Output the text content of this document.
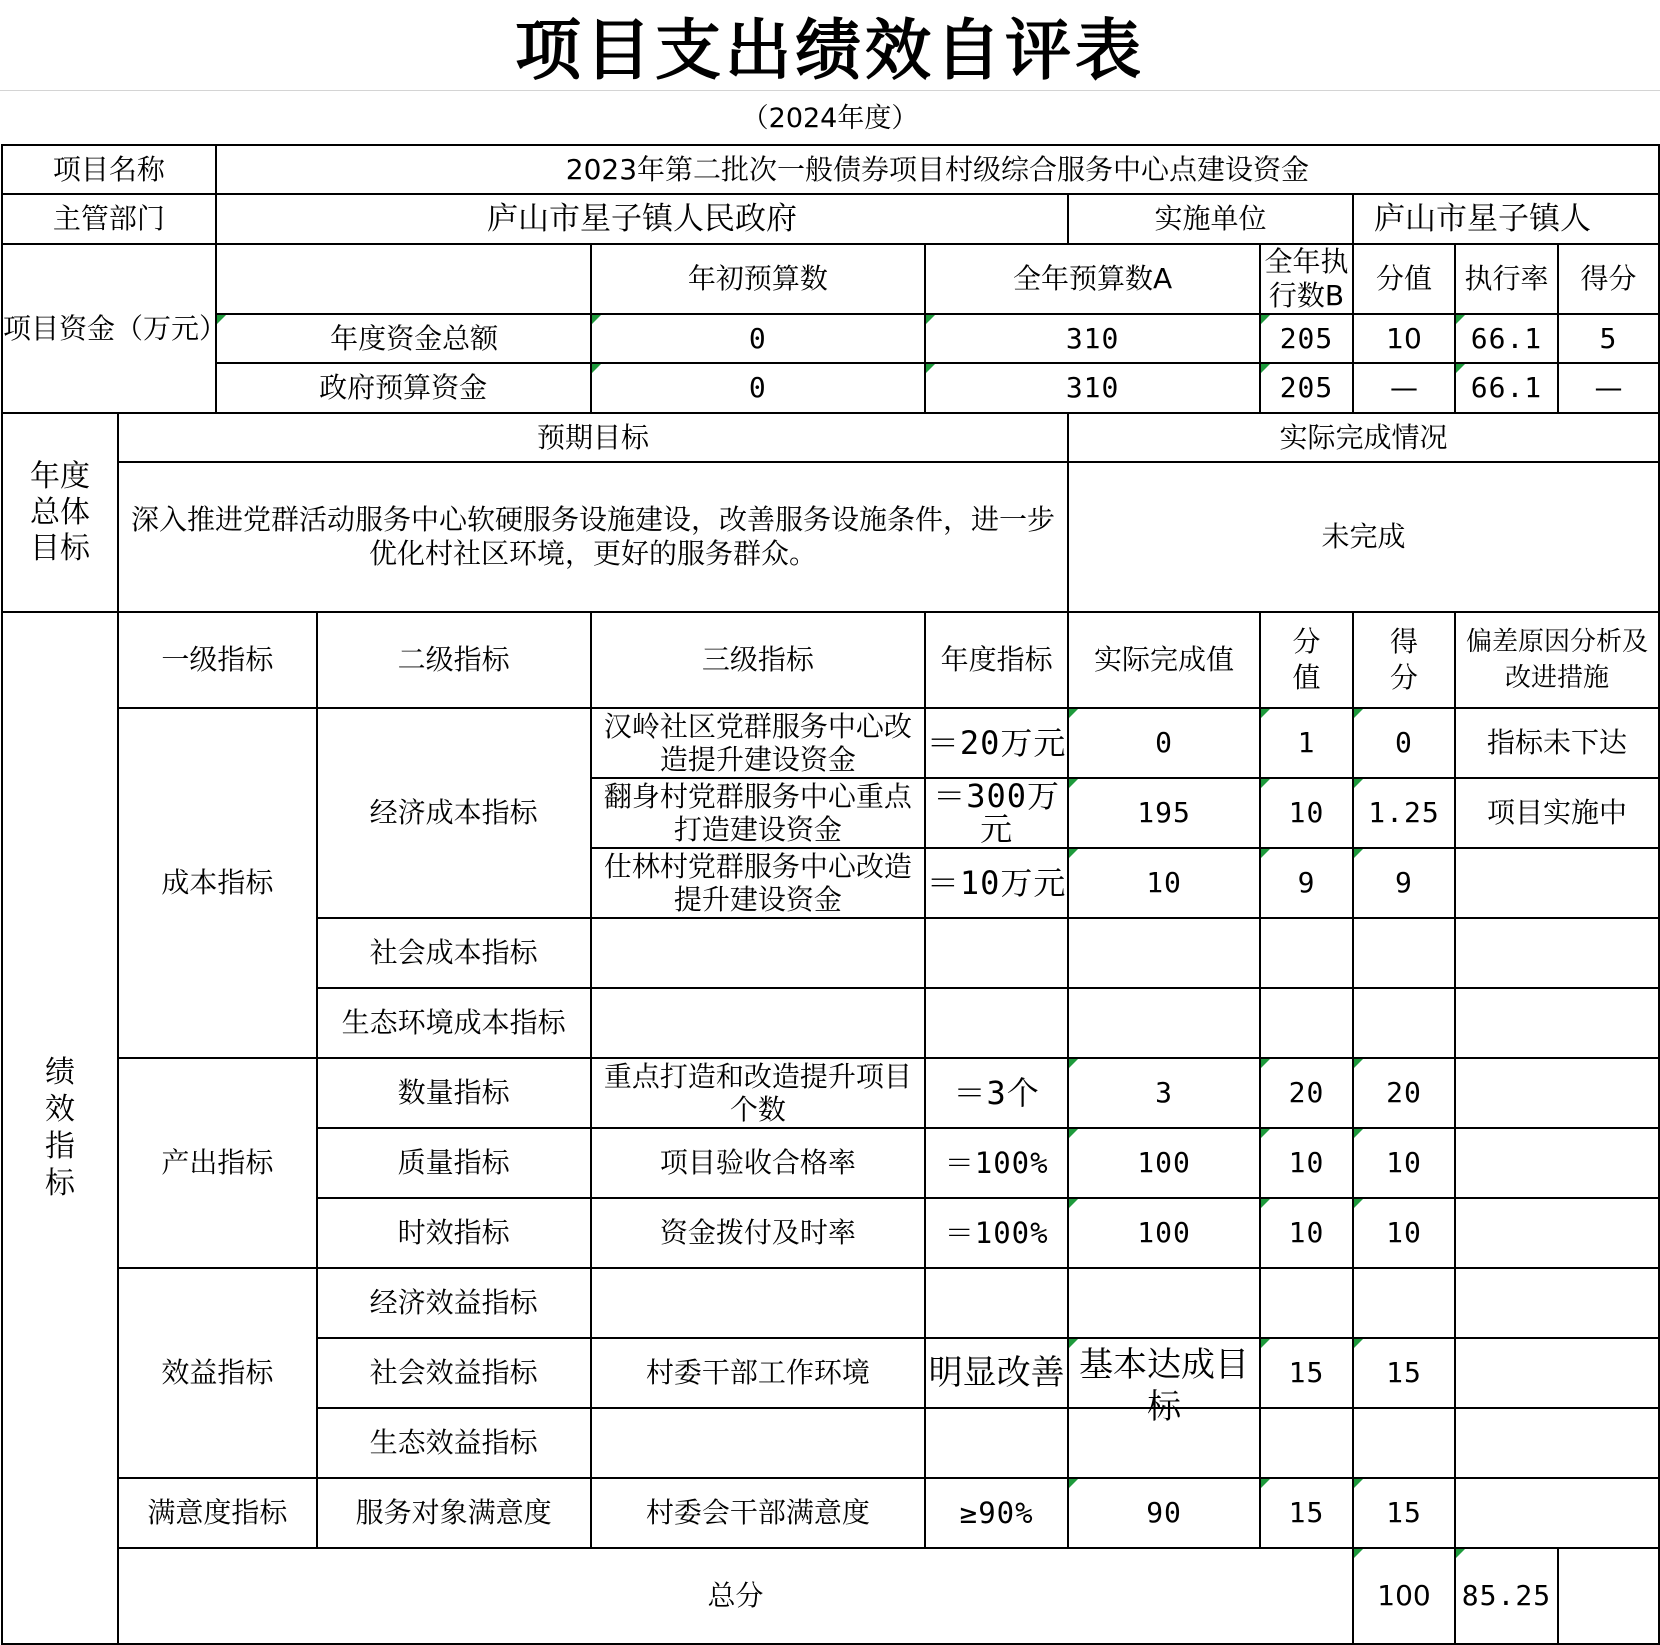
项目支出绩效自评表
（2024年度）
项目名称		2023年第二批次一般债券项目村级综合服务中心点建设资金								
主管部门		庐山市星子镇人民政府				实施单位		庐山市星子镇人		
项目资金（万元）				年初预算数	全年预算数A		全年执行数B	分值	执行率	得分

年度资金总额		0	310		205	10	66.1	5
		政府预算资金		0	310		205	—	66.1	—
年度总体目标	预期目标					实际完成情况				
	深入推进党群活动服务中心软硬服务设施建设，改善服务设施条件，进一步优化村社区环境，更好的服务群众。					未完成				
绩效指标	一级指标		二级指标	三级指标	年度指标	实际完成值	分值	得分	偏差原因分析及改进措施	
	成本指标		经济成本指标	汉岭社区党群服务中心改造提升建设资金	＝20万元	0	1	0	指标未下达	

				翻身村党群服务中心重点打造建设资金	＝300万元	195	10	1.25	项目实施中	

				仕林村党群服务中心改造提升建设资金	＝10万元	10	9	9		
			社会成本指标							
			生态环境成本指标							
	产出指标		数量指标	重点打造和改造提升项目个数	＝3个	3	20	20		
			质量指标	项目验收合格率	＝100%	100	10	10		
			时效指标	资金拨付及时率	＝100%	100	10	10		
	效益指标		经济效益指标							
			社会效益指标	村委干部工作环境	明显改善	基本达成目标	15	15		
			生态效益指标							
	满意度指标		服务对象满意度	村委会干部满意度	≥90%	90	15	15		
	总分							100	85.25	
